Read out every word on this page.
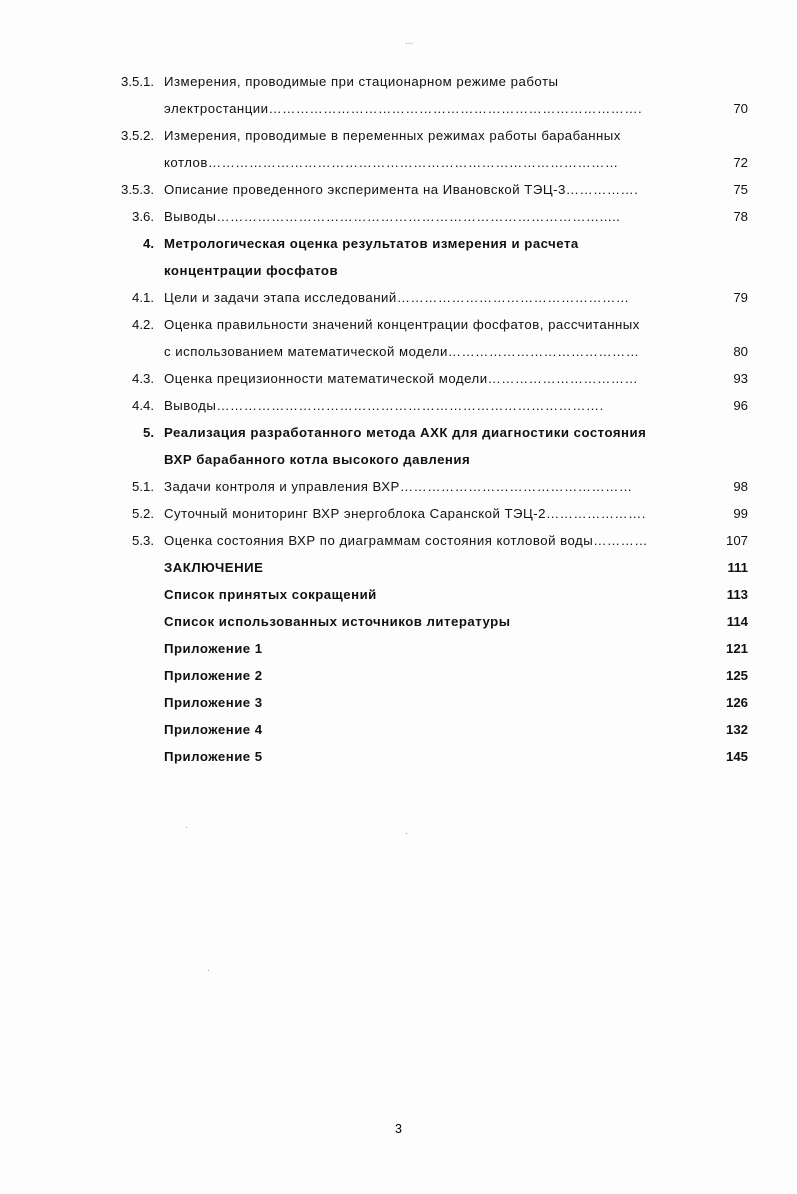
...
.
.
.
3.5.1. Измерения, проводимые при стационарном режиме работы
электростанции……………………………………………………………………….	70
3.5.2. Измерения, проводимые в переменных режимах работы барабанных
котлов………………………………………………………………………………	72
3.5.3. Описание проведенного эксперимента на Ивановской ТЭЦ-3…………….	75
3.6. Выводы………………………………………………………………………….....	78
4. Метрологическая оценка результатов измерения и расчета
концентрации фосфатов
4.1. Цели и задачи этапа исследований……………………………………………	79
4.2. Оценка правильности значений концентрации фосфатов, рассчитанных
с использованием математической модели……………………………………	80
4.3. Оценка прецизионности математической модели……………………………	93
4.4. Выводы………………………………………………………………………….	96
5. Реализация разработанного метода АХК для диагностики состояния
ВХР барабанного котла высокого давления
5.1. Задачи контроля и управления ВХР……………………………………………	98
5.2. Суточный мониторинг ВХР энергоблока Саранской ТЭЦ-2………………….	99
5.3. Оценка состояния ВХР по диаграммам состояния котловой воды…………	107
ЗАКЛЮЧЕНИЕ	111
Список принятых сокращений	113
Список использованных источников литературы	114
Приложение 1	121
Приложение 2	125
Приложение 3	126
Приложение 4	132
Приложение 5	145
3
